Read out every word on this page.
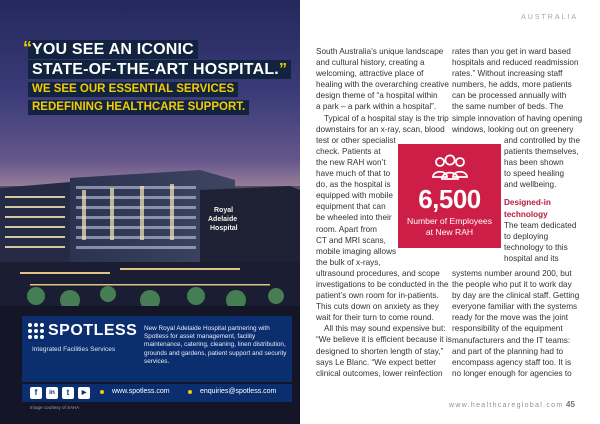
Royal
Adelaide
Hospital
“ YOU SEE AN ICONIC
STATE-OF-THE-ART HOSPITAL.”
WE SEE OUR ESSENTIAL SERVICES
REDEFINING HEALTHCARE SUPPORT.
SPOTLESS
Integrated Facilities Services
New Royal Adelaide Hospital partnering with Spotless for asset management, facility maintenance, catering, cleaning, linen distribution, grounds and gardens, patient support and security services.
f	in	t	▶	www.spotless.com	enquiries@spotless.com
Image courtesy of SAHA
AUSTRALIA
South Australia’s unique landscape
and cultural history, creating a
welcoming, attractive place of
healing with the overarching creative
design theme of “a hospital within
a park – a park within a hospital”.
Typical of a hospital stay is the trip
downstairs for an x-ray, scan, blood
test or other specialist
check. Patients at
the new RAH won’t
have much of that to
do, as the hospital is
equipped with mobile
equipment that can
be wheeled into their
room. Apart from
CT and MRI scans,
mobile imaging allows
the bulk of x-rays,
ultrasound procedures, and scope
investigations to be conducted in the
patient’s own room for in-patients.
This cuts down on anxiety as they
wait for their turn to come round.
All this may sound expensive but:
“We believe it is efficient because it is
designed to shorten length of stay,”
says Le Blanc. “We expect better
clinical outcomes, lower reinfection
rates than you get in ward based
hospitals and reduced readmission
rates.” Without increasing staff
numbers, he adds, more patients
can be processed annually with
the same number of beds. The
simple innovation of having opening
windows, looking out on greenery
and controlled by the
patients themselves,
has been shown
to speed healing
and wellbeing.
Designed-in
technology
The team dedicated
to deploying
technology to this
hospital and its
systems number around 200, but
the people who put it to work day
by day are the clinical staff. Getting
everyone familiar with the systems
ready for the move was the joint
responsibility of the equipment
manufacturers and the IT teams:
and part of the planning had to
encompass agency staff too. It is
no longer enough for agencies to
6,500
Number of Employees
at New RAH
www.healthcareglobal.com 45
